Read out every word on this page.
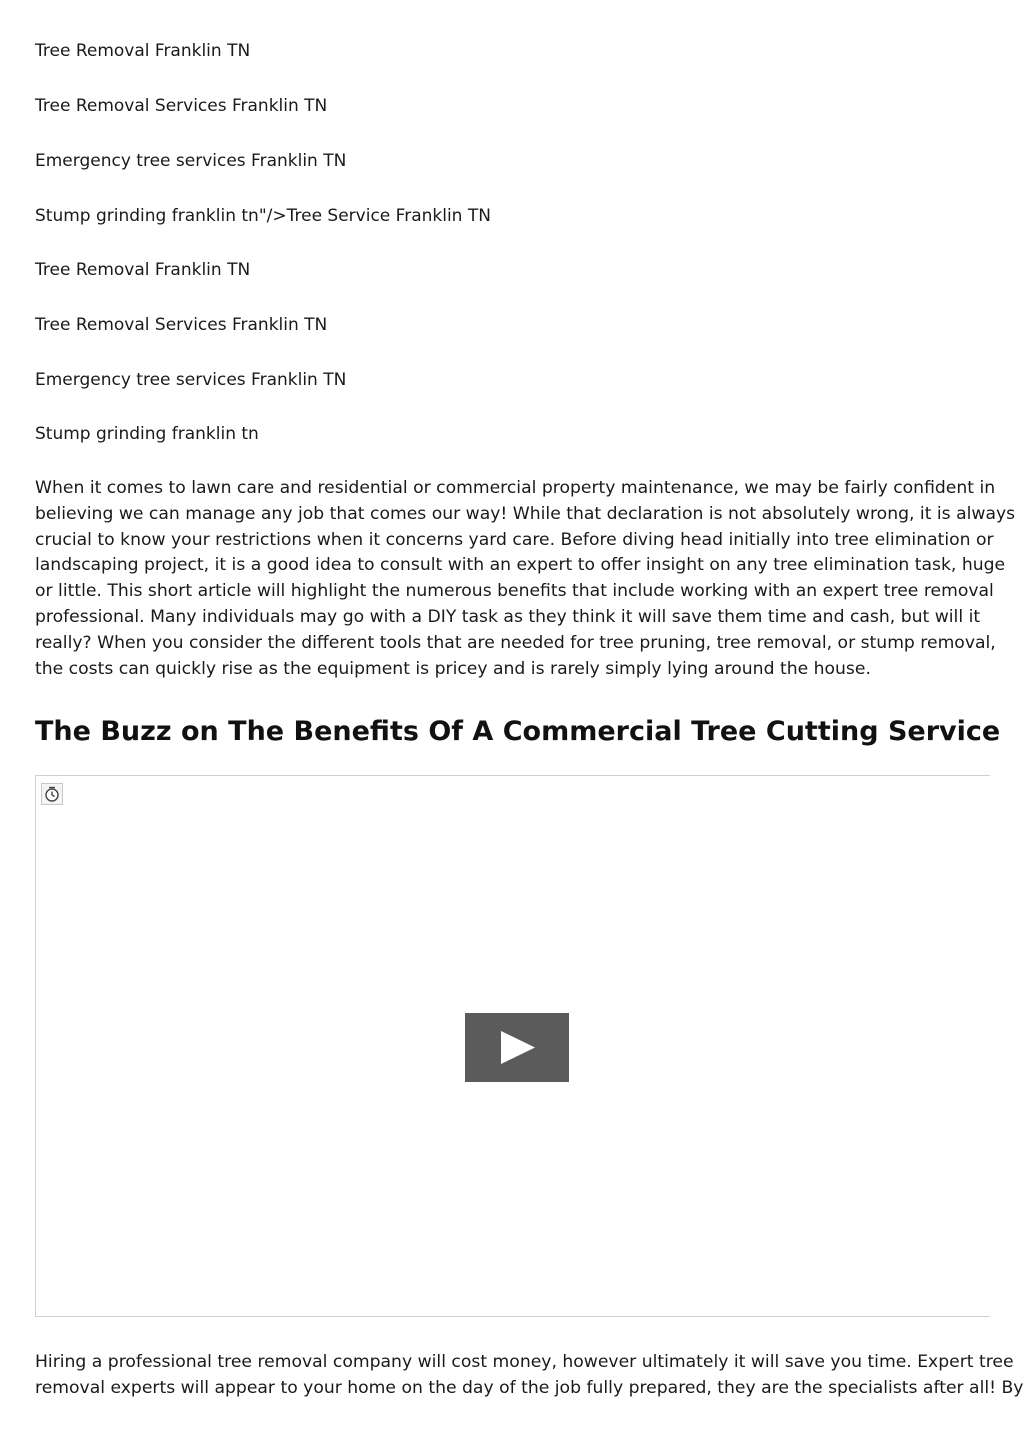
Tree Removal Franklin TN
Tree Removal Services Franklin TN
Emergency tree services Franklin TN
Stump grinding franklin tn"/>Tree Service Franklin TN
Tree Removal Franklin TN
Tree Removal Services Franklin TN
Emergency tree services Franklin TN
Stump grinding franklin tn

When it comes to lawn care and residential or commercial property maintenance, we may be fairly confident in
believing we can manage any job that comes our way! While that declaration is not absolutely wrong, it is always
crucial to know your restrictions when it concerns yard care. Before diving head initially into tree elimination or
landscaping project, it is a good idea to consult with an expert to offer insight on any tree elimination task, huge
or little. This short article will highlight the numerous benefits that include working with an expert tree removal
professional. Many individuals may go with a DIY task as they think it will save them time and cash, but will it
really? When you consider the different tools that are needed for tree pruning, tree removal, or stump removal,
the costs can quickly rise as the equipment is pricey and is rarely simply lying around the house.

The Buzz on The Benefits Of A Commercial Tree Cutting Service

Hiring a professional tree removal company will cost money, however ultimately it will save you time. Expert tree
removal experts will appear to your home on the day of the job fully prepared, they are the specialists after all! By
